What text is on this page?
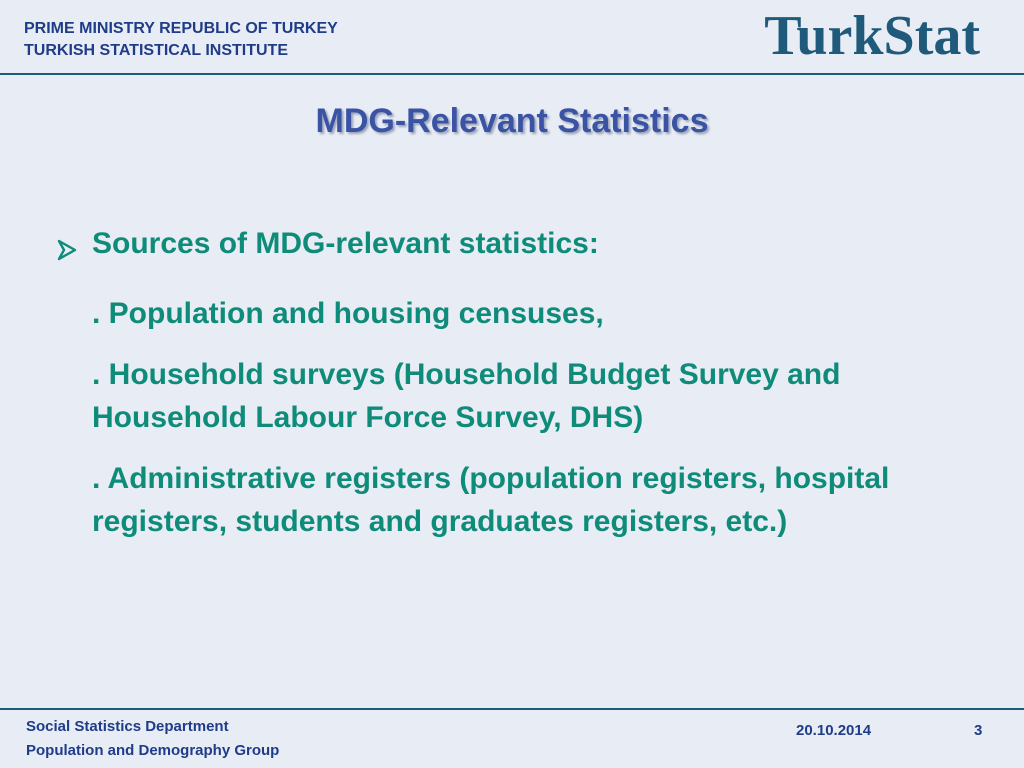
PRIME MINISTRY REPUBLIC OF TURKEY
TURKISH STATISTICAL INSTITUTE	TurkStat
MDG-Relevant Statistics
Sources of MDG-relevant statistics:
. Population and housing censuses,
. Household surveys (Household Budget Survey and Household Labour Force Survey, DHS)
. Administrative registers (population registers, hospital registers, students and graduates registers, etc.)
Social Statistics Department
Population and Demography Group
20.10.2014	3
